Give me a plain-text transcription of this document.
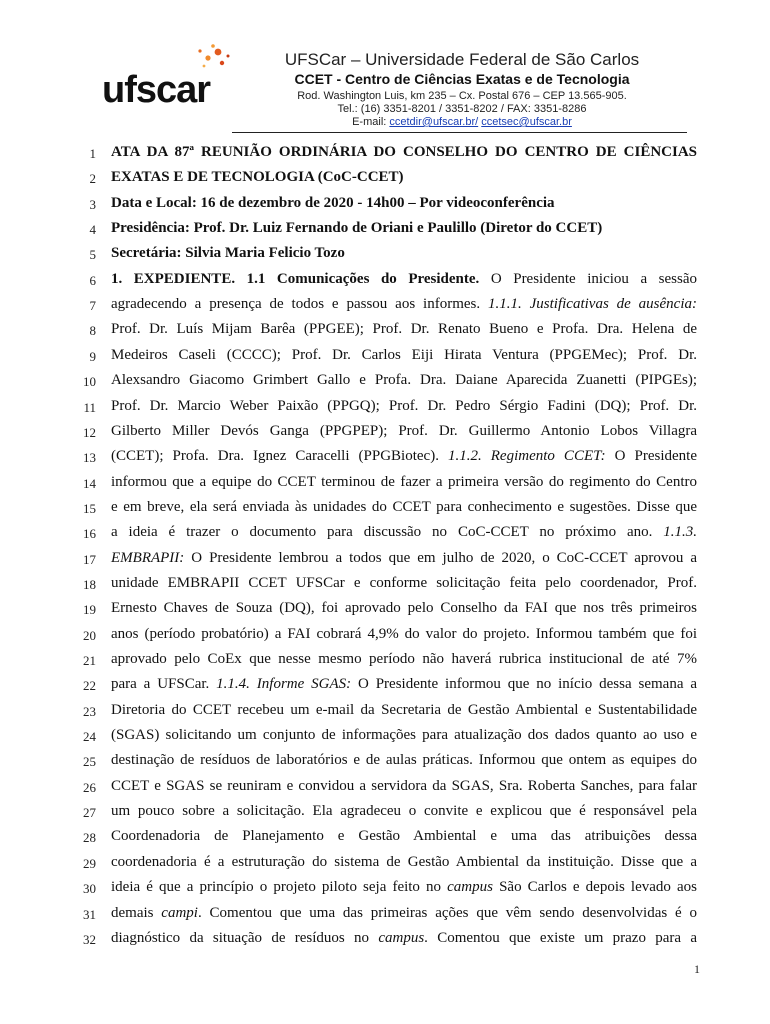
ufscar
UFSCar – Universidade Federal de São Carlos
CCET - Centro de Ciências Exatas e de Tecnologia
Rod. Washington Luis, km 235 – Cx. Postal 676 – CEP 13.565-905.
Tel.: (16) 3351-8201 / 3351-8202 / FAX: 3351-8286
E-mail: ccetdir@ufscar.br/ ccetsec@ufscar.br
1 ATA DA 87ª REUNIÃO ORDINÁRIA DO CONSELHO DO CENTRO DE CIÊNCIAS
2 EXATAS E DE TECNOLOGIA (CoC-CCET)
3 Data e Local: 16 de dezembro de 2020 - 14h00 – Por videoconferência
4 Presidência: Prof. Dr. Luiz Fernando de Oriani e Paulillo (Diretor do CCET)
5 Secretária: Silvia Maria Felicio Tozo
6 1. EXPEDIENTE. 1.1 Comunicações do Presidente. O Presidente iniciou a sessão
7 agradecendo a presença de todos e passou aos informes. 1.1.1. Justificativas de ausência:
8 Prof. Dr. Luís Mijam Barêa (PPGEE); Prof. Dr. Renato Bueno e Profa. Dra. Helena de
9 Medeiros Caseli (CCCC); Prof. Dr. Carlos Eiji Hirata Ventura (PPGEMec); Prof. Dr.
10 Alexsandro Giacomo Grimbert Gallo e Profa. Dra. Daiane Aparecida Zuanetti (PIPGEs);
11 Prof. Dr. Marcio Weber Paixão (PPGQ); Prof. Dr. Pedro Sérgio Fadini (DQ); Prof. Dr.
12 Gilberto Miller Devós Ganga (PPGPEP); Prof. Dr. Guillermo Antonio Lobos Villagra
13 (CCET); Profa. Dra. Ignez Caracelli (PPGBiotec). 1.1.2. Regimento CCET: O Presidente
14 informou que a equipe do CCET terminou de fazer a primeira versão do regimento do Centro
15 e em breve, ela será enviada às unidades do CCET para conhecimento e sugestões. Disse que
16 a ideia é trazer o documento para discussão no CoC-CCET no próximo ano. 1.1.3.
17 EMBRAPII: O Presidente lembrou a todos que em julho de 2020, o CoC-CCET aprovou a
18 unidade EMBRAPII CCET UFSCar e conforme solicitação feita pelo coordenador, Prof.
19 Ernesto Chaves de Souza (DQ), foi aprovado pelo Conselho da FAI que nos três primeiros
20 anos (período probatório) a FAI cobrará 4,9% do valor do projeto. Informou também que foi
21 aprovado pelo CoEx que nesse mesmo período não haverá rubrica institucional de até 7%
22 para a UFSCar. 1.1.4. Informe SGAS: O Presidente informou que no início dessa semana a
23 Diretoria do CCET recebeu um e-mail da Secretaria de Gestão Ambiental e Sustentabilidade
24 (SGAS) solicitando um conjunto de informações para atualização dos dados quanto ao uso e
25 destinação de resíduos de laboratórios e de aulas práticas. Informou que ontem as equipes do
26 CCET e SGAS se reuniram e convidou a servidora da SGAS, Sra. Roberta Sanches, para falar
27 um pouco sobre a solicitação. Ela agradeceu o convite e explicou que é responsável pela
28 Coordenadoria de Planejamento e Gestão Ambiental e uma das atribuições dessa
29 coordenadoria é a estruturação do sistema de Gestão Ambiental da instituição. Disse que a
30 ideia é que a princípio o projeto piloto seja feito no campus São Carlos e depois levado aos
31 demais campi. Comentou que uma das primeiras ações que vêm sendo desenvolvidas é o
32 diagnóstico da situação de resíduos no campus. Comentou que existe um prazo para a
1
